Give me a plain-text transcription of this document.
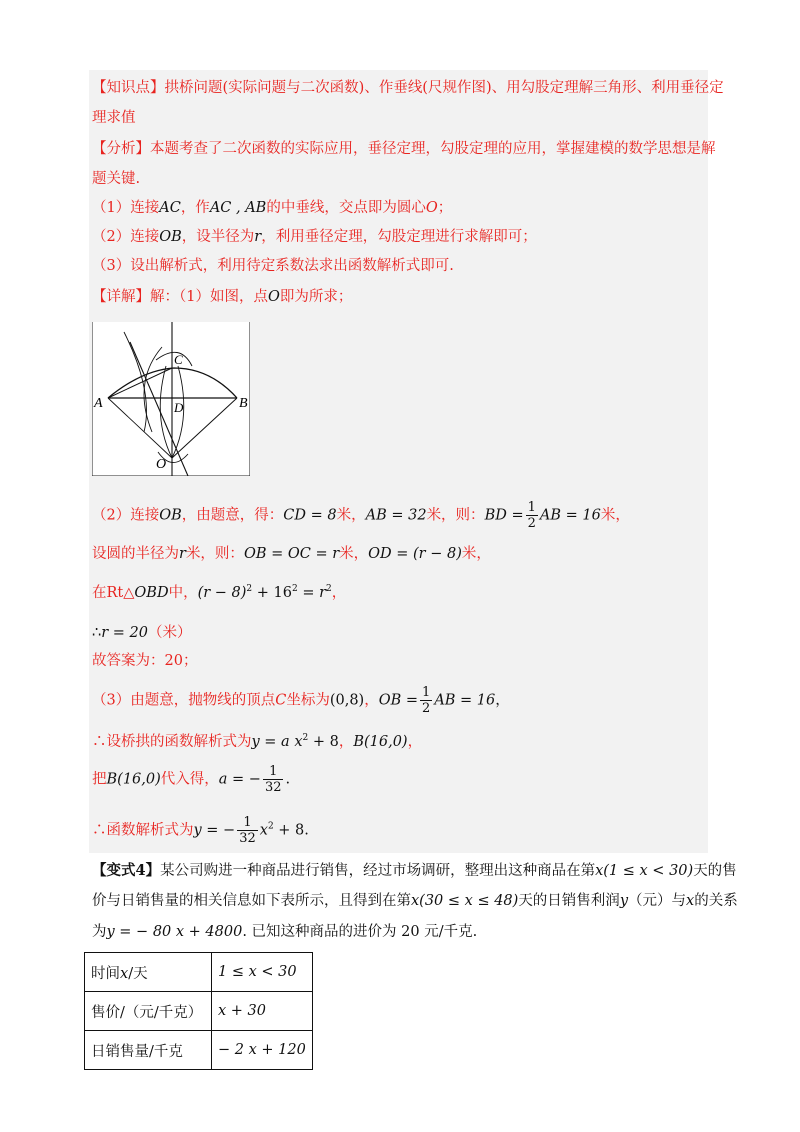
【知识点】拱桥问题(实际问题与二次函数)、作垂线(尺规作图)、用勾股定理解三角形、利用垂径定
理求值
【分析】本题考查了二次函数的实际应用，垂径定理，勾股定理的应用，掌握建模的数学思想是解
题关键.
（1）连接AC，作AC , AB的中垂线，交点即为圆心O；
（2）连接OB，设半径为r，利用垂径定理，勾股定理进行求解即可；
（3）设出解析式，利用待定系数法求出函数解析式即可.
【详解】解：（1）如图，点O即为所求；
A	B
C
D
O
（2）连接OB，由题意，得：CD = 8米，AB = 32米，则：BD = $\frac{1}{2}$ AB = 16米，
设圆的半径为r米，则：OB = OC = r米，OD = (r − 8)米，
在Rt△OBD中，$(r - 8)^2 + 16^2 = r^2$，
∴r = 20（米）
故答案为：20；
（3）由题意，抛物线的顶点C坐标为(0,8)，OB = $\frac{1}{2}$ AB = 16，
∴设桥拱的函数解析式为y = a $x^2 + 8$，B(16,0)，
把B(16,0)代入得，a = − $\frac{1}{32}$ .
∴函数解析式为y = − $\frac{1}{32} x^2 + 8$.
【变式4】某公司购进一种商品进行销售，经过市场调研，整理出这种商品在第x(1 ≤ x < 30)天的售
价与日销售量的相关信息如下表所示，且得到在第x(30 ≤ x ≤ 48)天的日销售利润y（元）与x的关系
为y = − 80 x + 4800. 已知这种商品的进价为 20 元/千克.
时间x/天	1 ≤ x < 30
售价/（元/千克）	x + 30
日销售量/千克	− 2 x + 120
